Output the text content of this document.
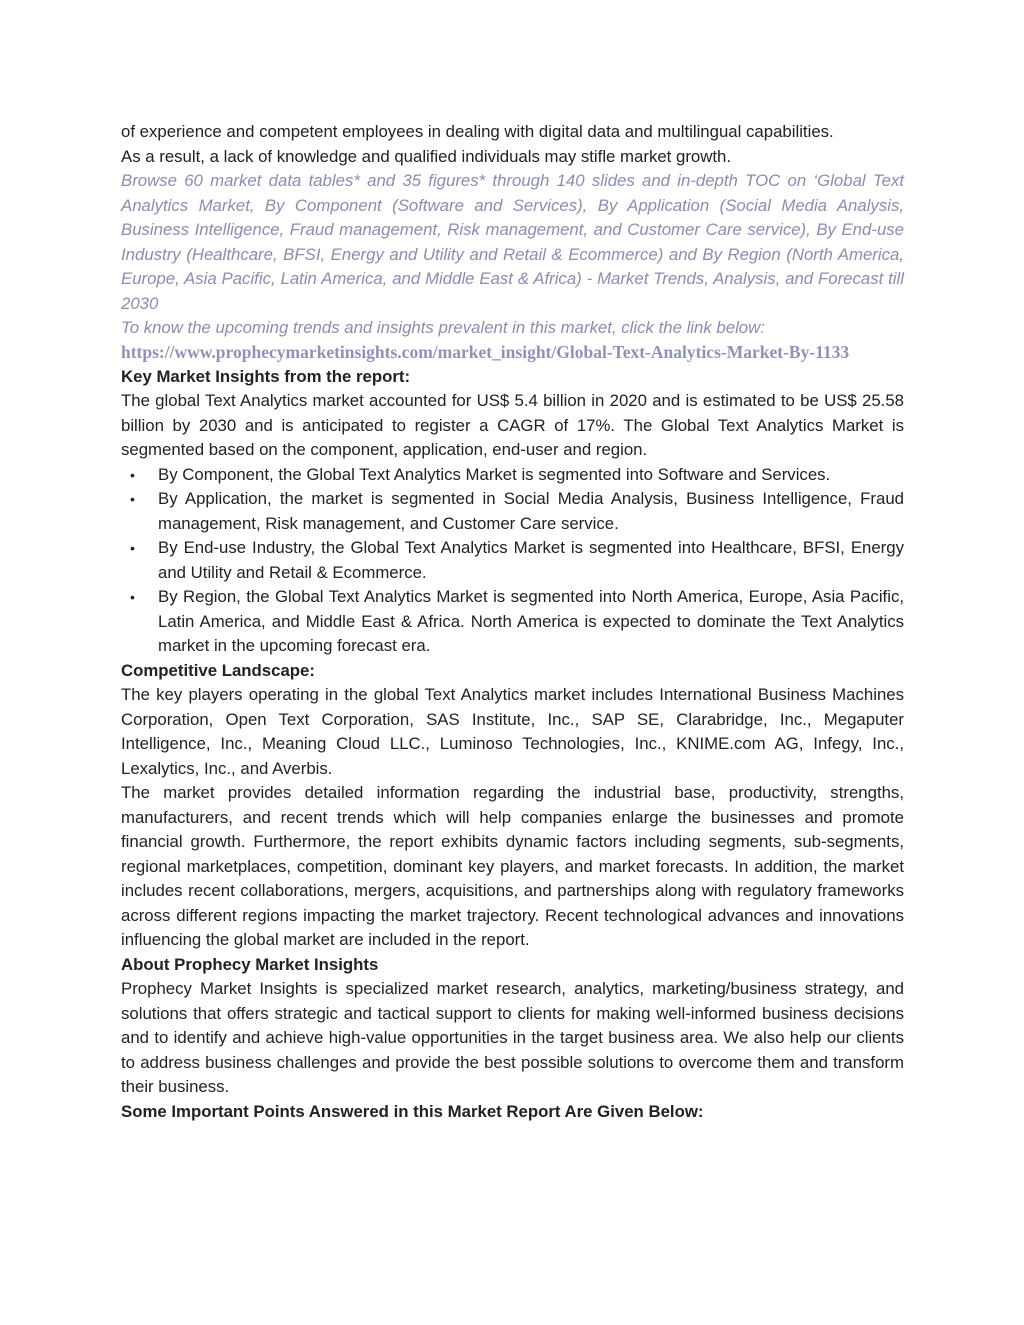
of experience and competent employees in dealing with digital data and multilingual capabilities.

As a result, a lack of knowledge and qualified individuals may stifle market growth.

Browse 60 market data tables* and 35 figures* through 140 slides and in-depth TOC on ‘Global Text Analytics Market, By Component (Software and Services), By Application (Social Media Analysis, Business Intelligence, Fraud management, Risk management, and Customer Care service), By End-use Industry (Healthcare, BFSI, Energy and Utility and Retail & Ecommerce) and By Region (North America, Europe, Asia Pacific, Latin America, and Middle East & Africa) - Market Trends, Analysis, and Forecast till 2030

To know the upcoming trends and insights prevalent in this market, click the link below:

https://www.prophecymarketinsights.com/market_insight/Global-Text-Analytics-Market-By-1133

Key Market Insights from the report:

The global Text Analytics market accounted for US$ 5.4 billion in 2020 and is estimated to be US$ 25.58 billion by 2030 and is anticipated to register a CAGR of 17%. The Global Text Analytics Market is segmented based on the component, application, end-user and region.

• By Component, the Global Text Analytics Market is segmented into Software and Services.
• By Application, the market is segmented in Social Media Analysis, Business Intelligence, Fraud management, Risk management, and Customer Care service.
• By End-use Industry, the Global Text Analytics Market is segmented into Healthcare, BFSI, Energy and Utility and Retail & Ecommerce.
• By Region, the Global Text Analytics Market is segmented into North America, Europe, Asia Pacific, Latin America, and Middle East & Africa. North America is expected to dominate the Text Analytics market in the upcoming forecast era.

Competitive Landscape:

The key players operating in the global Text Analytics market includes International Business Machines Corporation, Open Text Corporation, SAS Institute, Inc., SAP SE, Clarabridge, Inc., Megaputer Intelligence, Inc., Meaning Cloud LLC., Luminoso Technologies, Inc., KNIME.com AG, Infegy, Inc., Lexalytics, Inc., and Averbis.

The market provides detailed information regarding the industrial base, productivity, strengths, manufacturers, and recent trends which will help companies enlarge the businesses and promote financial growth. Furthermore, the report exhibits dynamic factors including segments, sub-segments, regional marketplaces, competition, dominant key players, and market forecasts. In addition, the market includes recent collaborations, mergers, acquisitions, and partnerships along with regulatory frameworks across different regions impacting the market trajectory. Recent technological advances and innovations influencing the global market are included in the report.

About Prophecy Market Insights

Prophecy Market Insights is specialized market research, analytics, marketing/business strategy, and solutions that offers strategic and tactical support to clients for making well-informed business decisions and to identify and achieve high-value opportunities in the target business area. We also help our clients to address business challenges and provide the best possible solutions to overcome them and transform their business.

Some Important Points Answered in this Market Report Are Given Below:
